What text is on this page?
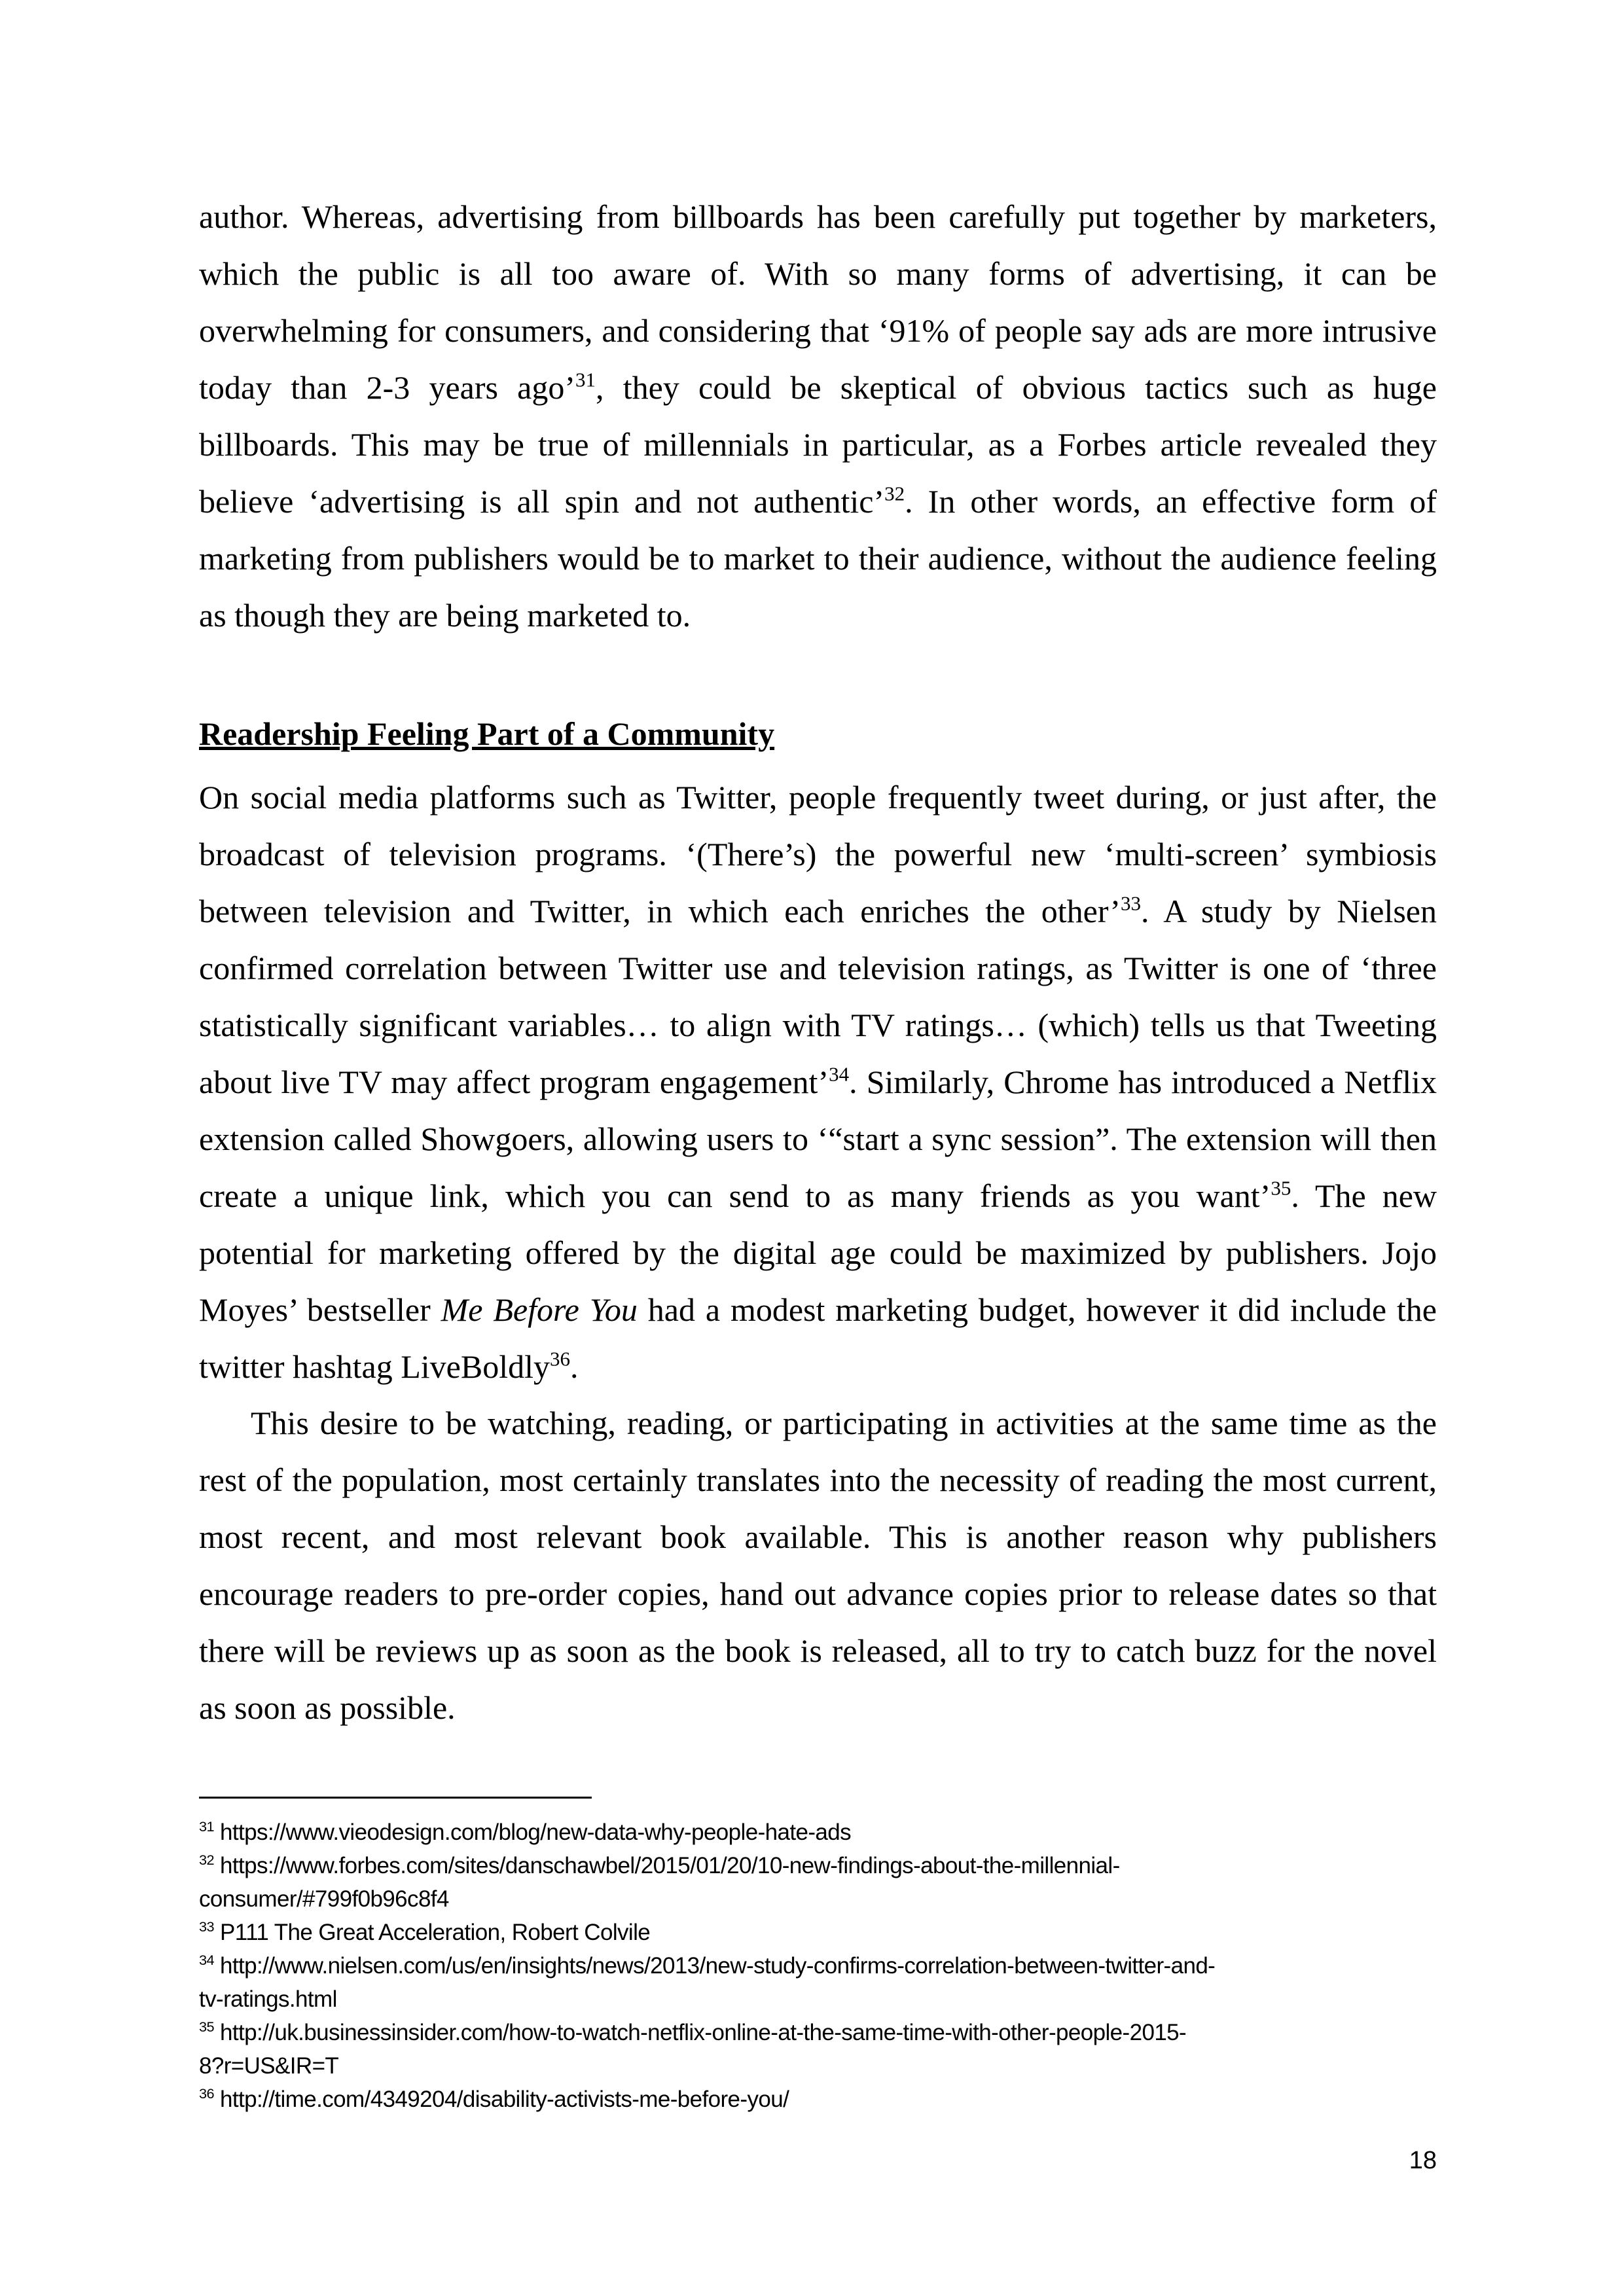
Readership Feeling Part of a Community
18
author. Whereas, advertising from billboards has been carefully put together by marketers,
which the public is all too aware of. With so many forms of advertising, it can be
overwhelming for consumers, and considering that ‘91% of people say ads are more intrusive
today than 2-3 years ago’$^{31}$, they could be skeptical of obvious tactics such as huge
billboards. This may be true of millennials in particular, as a Forbes article revealed they
believe ‘advertising is all spin and not authentic’$^{32}$. In other words, an effective form of
marketing from publishers would be to market to their audience, without the audience feeling
as though they are being marketed to.
On social media platforms such as Twitter, people frequently tweet during, or just after, the
broadcast of television programs. ‘(There’s) the powerful new ‘multi-screen’ symbiosis
between television and Twitter, in which each enriches the other’$^{33}$. A study by Nielsen
confirmed correlation between Twitter use and television ratings, as Twitter is one of ‘three
statistically significant variables… to align with TV ratings… (which) tells us that Tweeting
about live TV may affect program engagement’$^{34}$. Similarly, Chrome has introduced a Netflix
extension called Showgoers, allowing users to ‘“start a sync session”. The extension will then
create a unique link, which you can send to as many friends as you want’$^{35}$. The new
potential for marketing offered by the digital age could be maximized by publishers. Jojo
Moyes’ bestseller Me Before You had a modest marketing budget, however it did include the
twitter hashtag LiveBoldly$^{36}$.
This desire to be watching, reading, or participating in activities at the same time as the
rest of the population, most certainly translates into the necessity of reading the most current,
most recent, and most relevant book available. This is another reason why publishers
encourage readers to pre-order copies, hand out advance copies prior to release dates so that
there will be reviews up as soon as the book is released, all to try to catch buzz for the novel
as soon as possible.
$^{31}$ https://www.vieodesign.com/blog/new-data-why-people-hate-ads
$^{32}$ https://www.forbes.com/sites/danschawbel/2015/01/20/10-new-findings-about-the-millennial-
consumer/#799f0b96c8f4
$^{33}$ P111 The Great Acceleration, Robert Colvile
$^{34}$ http://www.nielsen.com/us/en/insights/news/2013/new-study-confirms-correlation-between-twitter-and-
tv-ratings.html
$^{35}$ http://uk.businessinsider.com/how-to-watch-netflix-online-at-the-same-time-with-other-people-2015-
8?r=US&IR=T
$^{36}$ http://time.com/4349204/disability-activists-me-before-you/
